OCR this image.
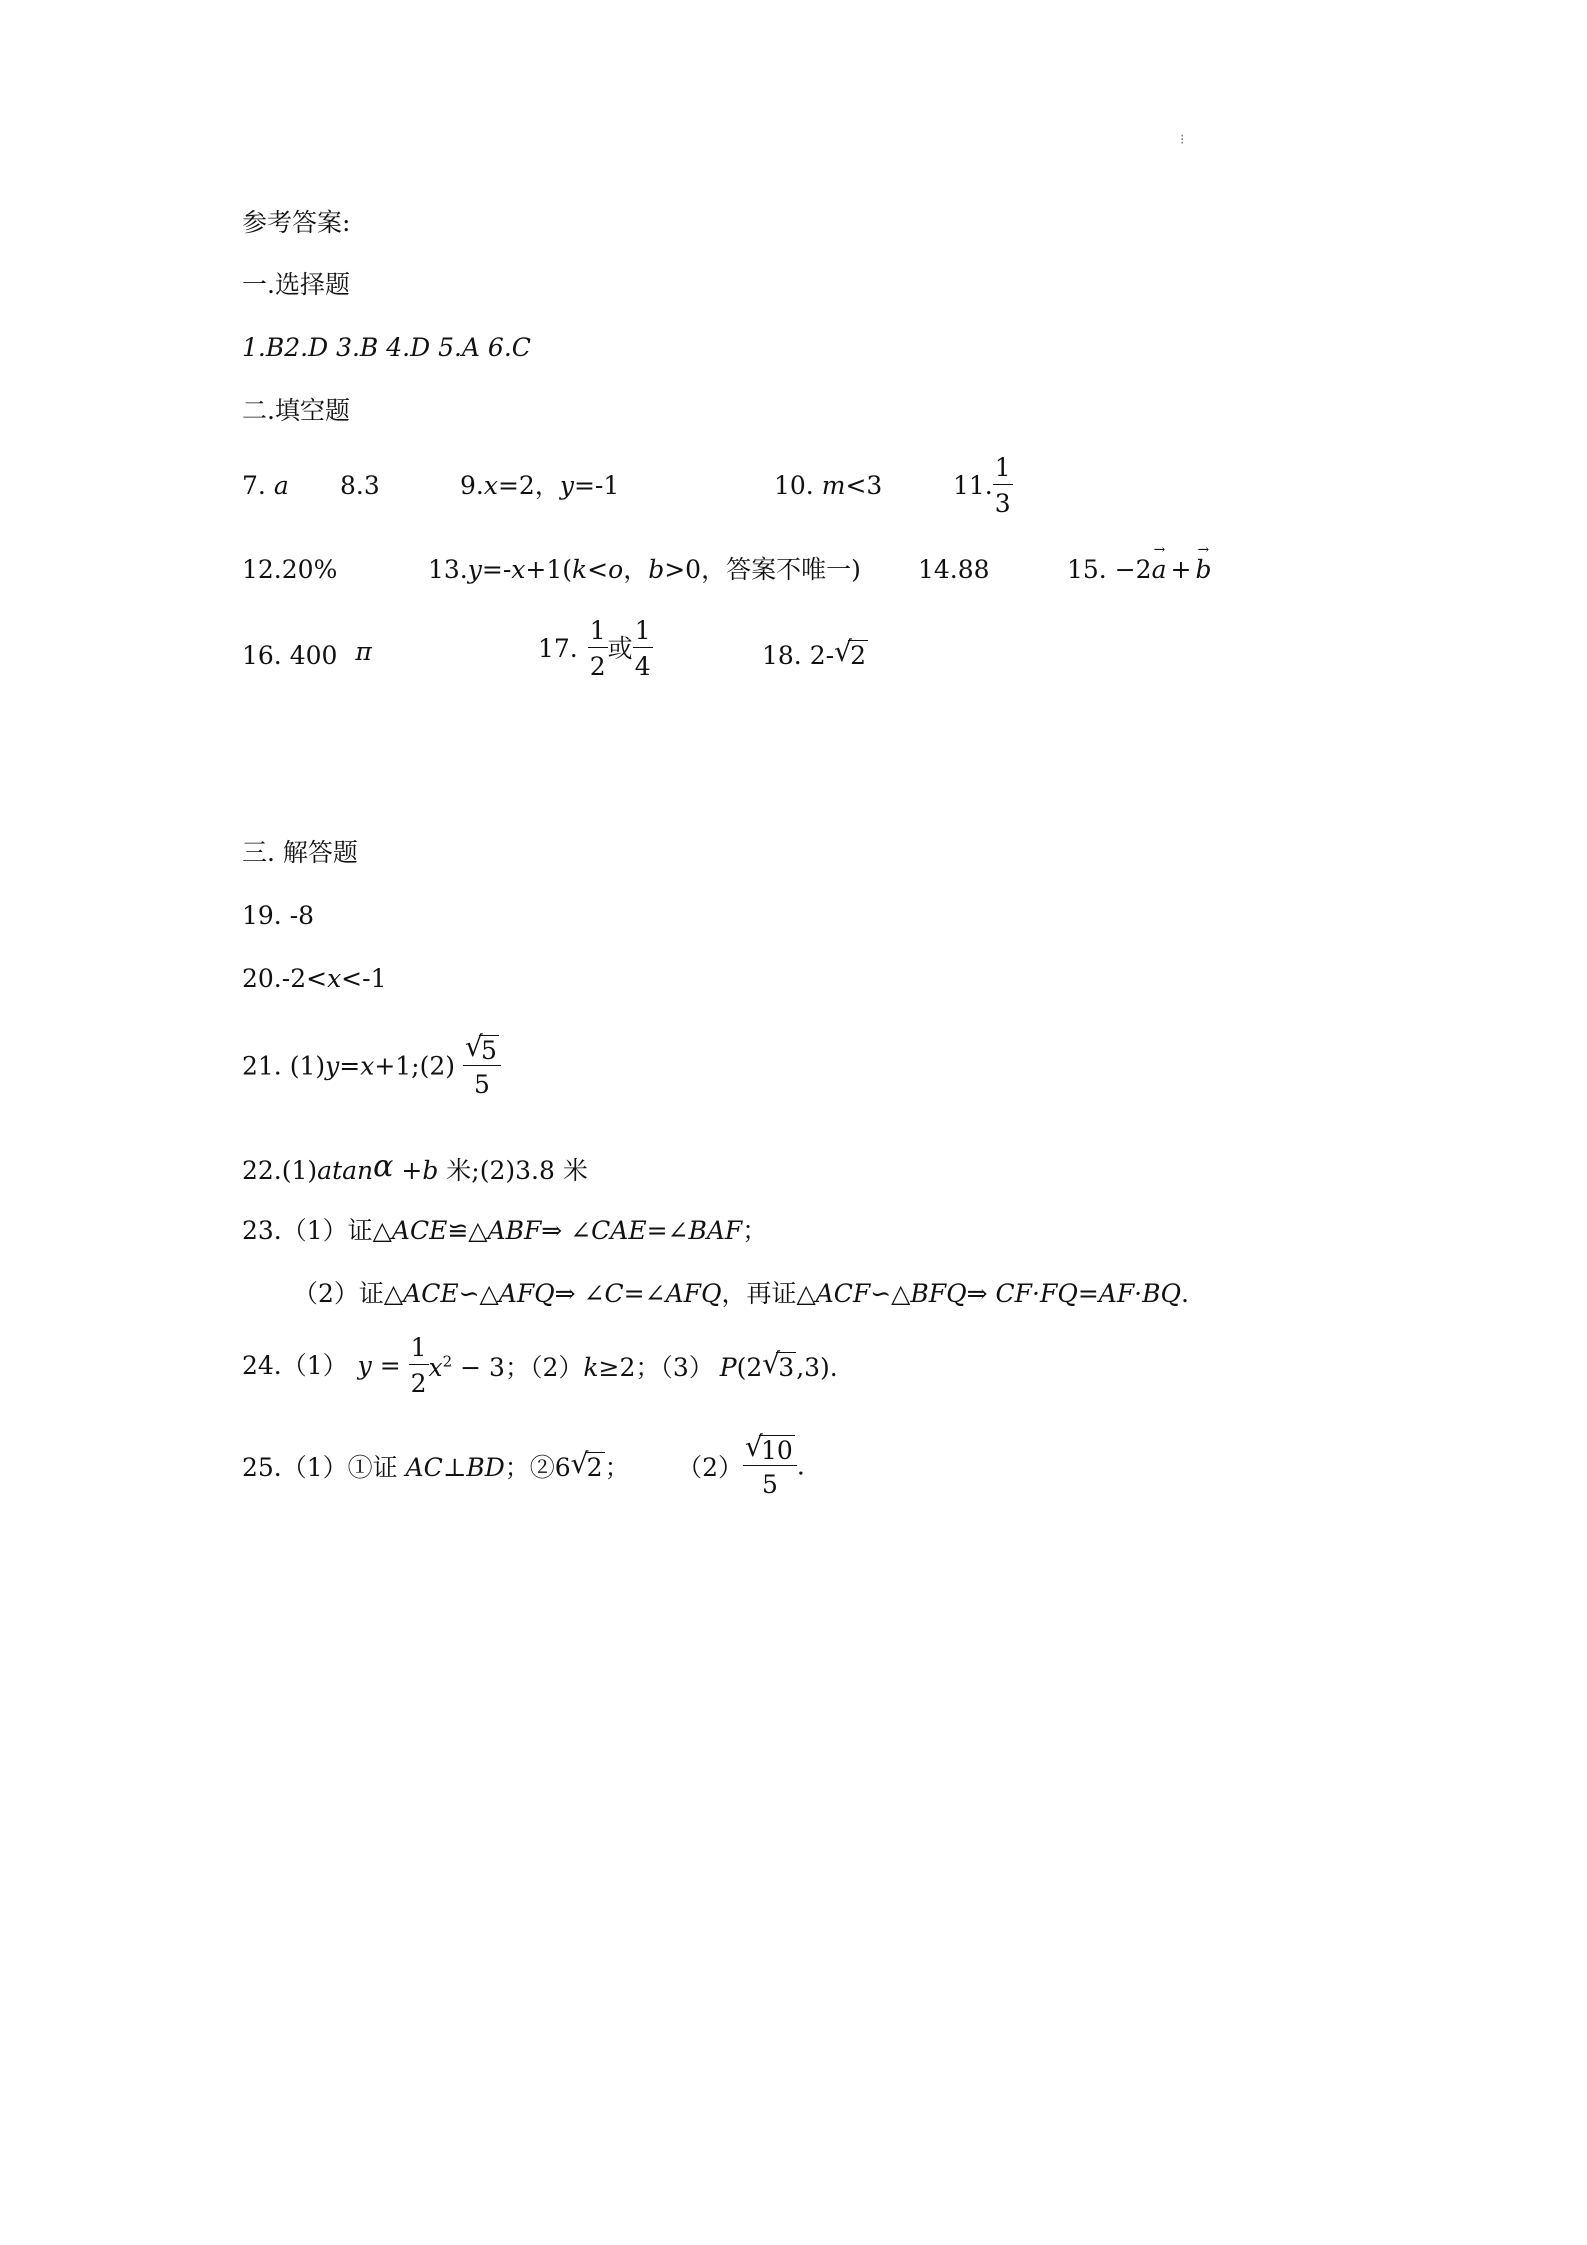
⁝
参考答案:
一.选择题
1.B2.D 3.B 4.D 5.A 6.C
二.填空题
7. a 8.3	9.x=2，y=-1	10. m<3	11. $\frac{1}{3}$
12.20%	13.y=-x+1(k<o，b>0，答案不唯一) 14.88	15. −2
→
a +
→
b
16. 400 π	17. $\frac{1}{2}$ 或 $\frac{1}{4}$	18. 2- √
2
三. 解答题
19. -8
20.-2<x<-1
21. (1)y=x+1;(2) √
5
5
22.(1)atanα +b 米;(2)3.8 米
23.（1）证△ACE≌△ABF⇒ ∠CAE=∠BAF；
（2）证△ACE∽△AFQ⇒ ∠C=∠AFQ，再证△ACF∽△BFQ⇒ CF·FQ=AF·BQ.
24.（1） $y = \frac{1}{2} x^2 - 3$；（2）k≥2；（3） P(2 √
3,3).
25.（1）①证 AC⊥BD；②6 √
2； （2） √
10
5 .
